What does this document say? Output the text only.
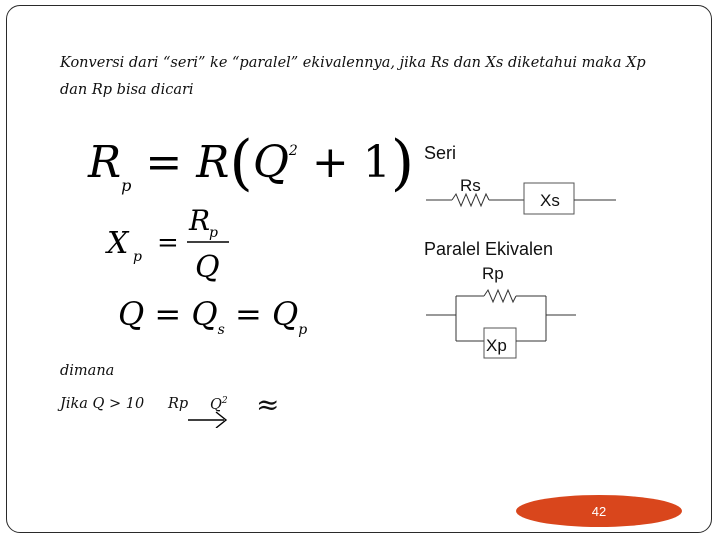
Konversi dari “seri” ke “paralel” ekivalennya, jika Rs dan Xs diketahui maka Xp
dan Rp bisa dicari
$R_p = R(Q^2 + 1)$
X p =
R
p
Q
$Q = Q_s = Q_p$
dimana
Jika Q > 10 Rp $Q^2$ ≈
Seri
Rs
Xs
Paralel Ekivalen
Rp
Xp
42
